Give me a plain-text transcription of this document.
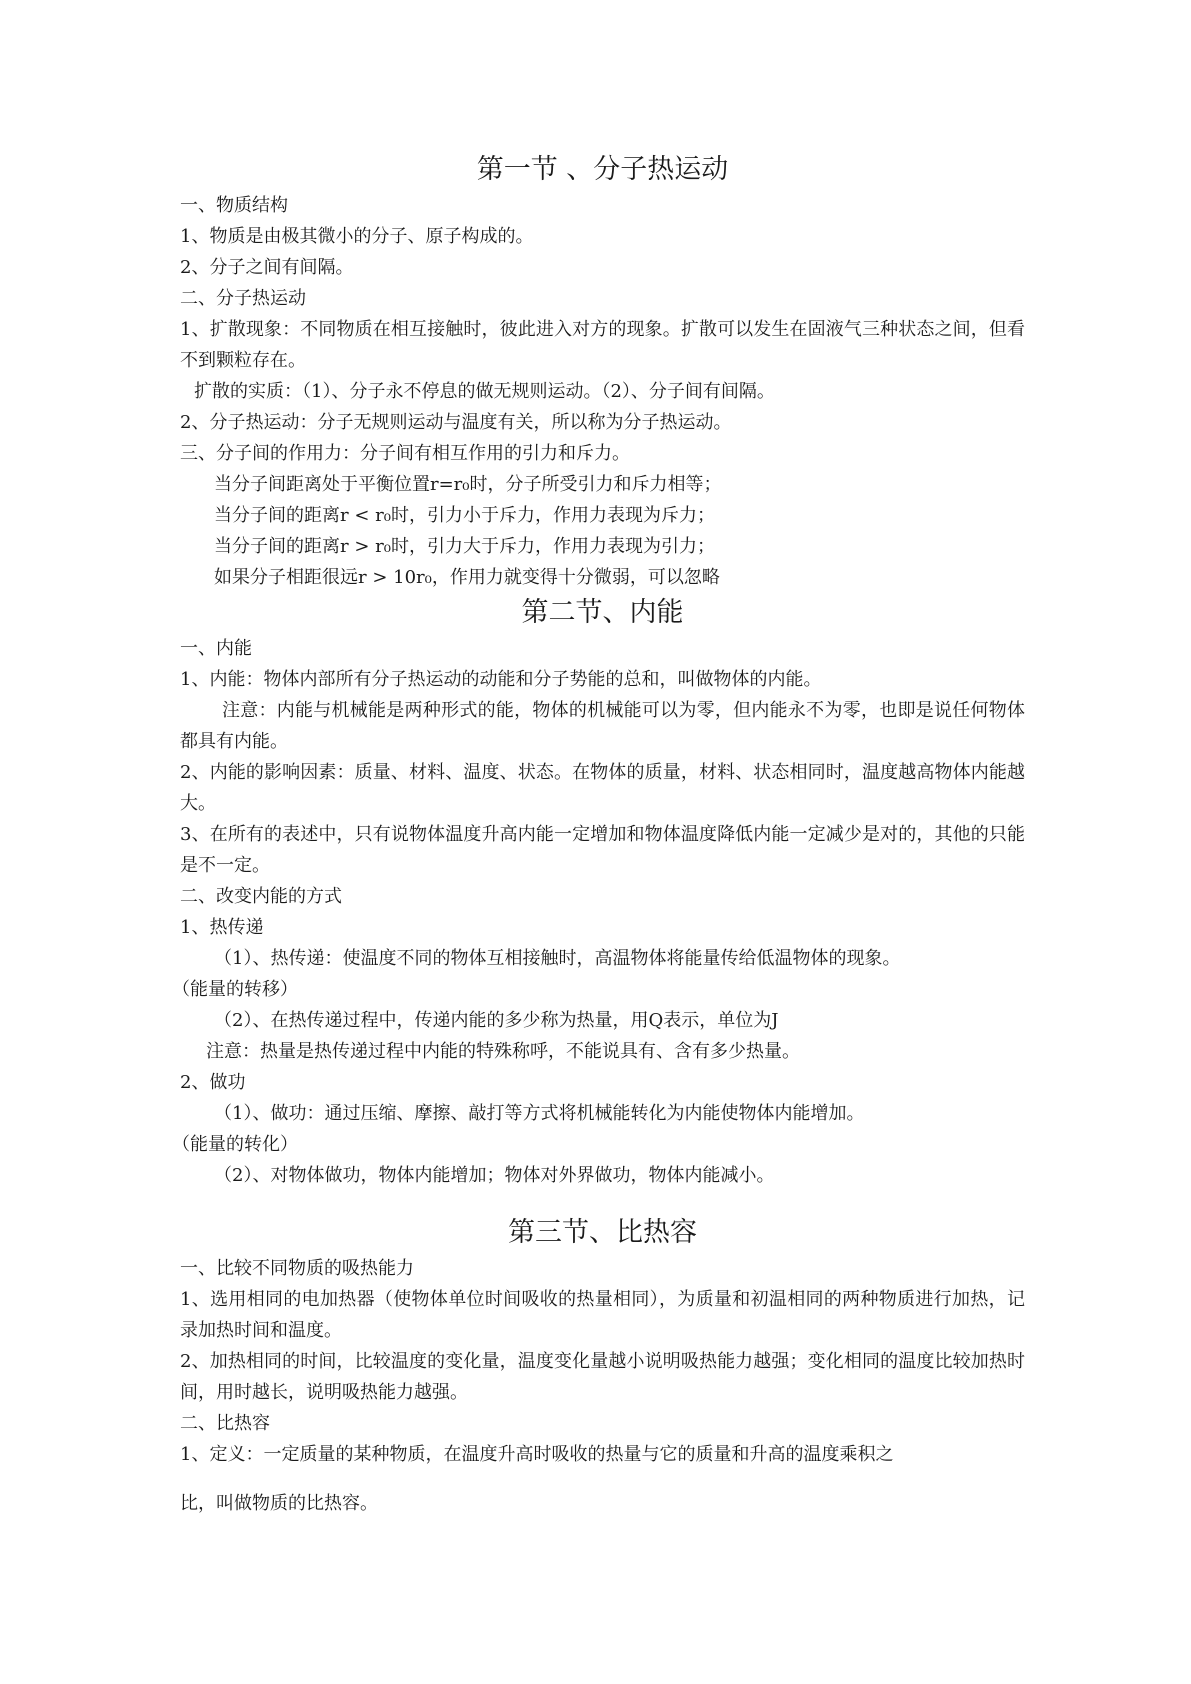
第一节 、分子热运动

一、物质结构

1、物质是由极其微小的分子、原子构成的。

2、分子之间有间隔。

二、分子热运动

1、扩散现象：不同物质在相互接触时，彼此进入对方的现象。扩散可以发生在固液气三种状态之间，但看不到颗粒存在。

扩散的实质：（1）、分子永不停息的做无规则运动。（2）、分子间有间隔。

2、分子热运动：分子无规则运动与温度有关，所以称为分子热运动。

三、分子间的作用力：分子间有相互作用的引力和斥力。

当分子间距离处于平衡位置r=r₀时，分子所受引力和斥力相等；

当分子间的距离r < r₀时，引力小于斥力，作用力表现为斥力；

当分子间的距离r > r₀时，引力大于斥力，作用力表现为引力；

如果分子相距很远r > 10r₀，作用力就变得十分微弱，可以忽略

第二节、内能

一、内能

1、内能：物体内部所有分子热运动的动能和分子势能的总和，叫做物体的内能。

注意：内能与机械能是两种形式的能，物体的机械能可以为零，但内能永不为零，也即是说任何物体都具有内能。

2、内能的影响因素：质量、材料、温度、状态。在物体的质量，材料、状态相同时，温度越高物体内能越大。

3、在所有的表述中，只有说物体温度升高内能一定增加和物体温度降低内能一定减少是对的，其他的只能是不一定。

二、改变内能的方式

1、热传递

（1）、热传递：使温度不同的物体互相接触时，高温物体将能量传给低温物体的现象。

（能量的转移）

（2）、在热传递过程中，传递内能的多少称为热量，用Q表示，单位为J

注意：热量是热传递过程中内能的特殊称呼，不能说具有、含有多少热量。

2、做功

（1）、做功：通过压缩、摩擦、敲打等方式将机械能转化为内能使物体内能增加。

（能量的转化）

（2）、对物体做功，物体内能增加；物体对外界做功，物体内能减小。

第三节、比热容

一、比较不同物质的吸热能力

1、选用相同的电加热器（使物体单位时间吸收的热量相同），为质量和初温相同的两种物质进行加热，记录加热时间和温度。

2、加热相同的时间，比较温度的变化量，温度变化量越小说明吸热能力越强；变化相同的温度比较加热时间，用时越长，说明吸热能力越强。

二、比热容

1、定义：一定质量的某种物质，在温度升高时吸收的热量与它的质量和升高的温度乘积之

比，叫做物质的比热容。
